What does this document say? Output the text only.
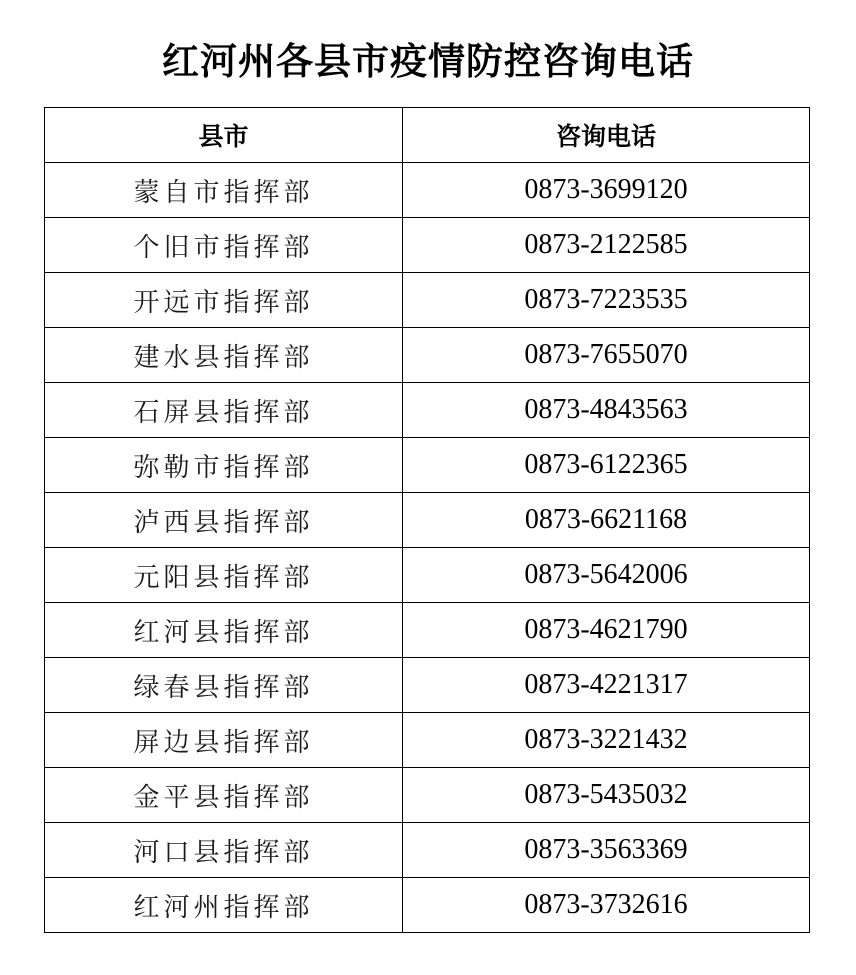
红河州各县市疫情防控咨询电话
县市	咨询电话
蒙自市指挥部	0873-3699120
个旧市指挥部	0873-2122585
开远市指挥部	0873-7223535
建水县指挥部	0873-7655070
石屏县指挥部	0873-4843563
弥勒市指挥部	0873-6122365
泸西县指挥部	0873-6621168
元阳县指挥部	0873-5642006
红河县指挥部	0873-4621790
绿春县指挥部	0873-4221317
屏边县指挥部	0873-3221432
金平县指挥部	0873-5435032
河口县指挥部	0873-3563369
红河州指挥部	0873-3732616
